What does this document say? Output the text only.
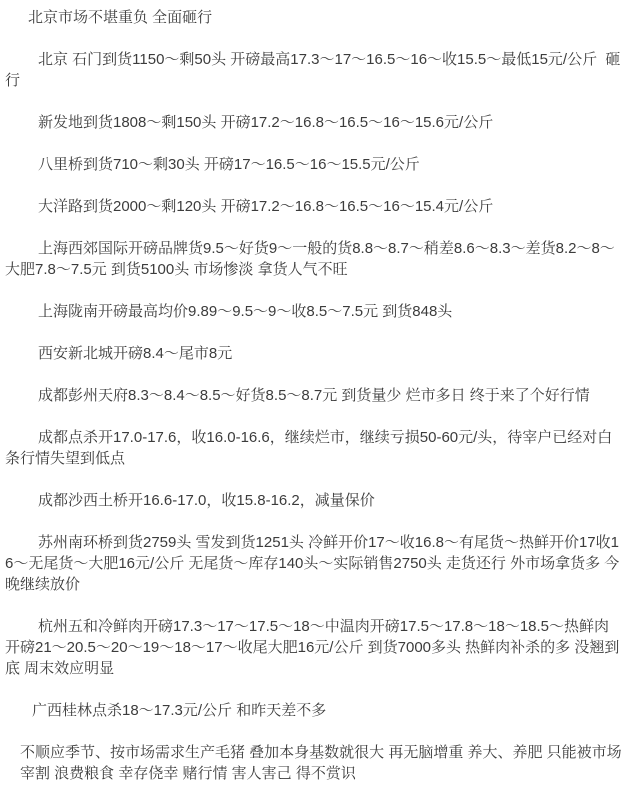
北京市场不堪重负 全面砸行

北京 石门到货1150～剩50头 开磅最高17.3～17～16.5～16～收15.5～最低15元/公斤  砸 行

新发地到货1808～剩150头 开磅17.2～16.8～16.5～16～15.6元/公斤

八里桥到货710～剩30头 开磅17～16.5～16～15.5元/公斤

大洋路到货2000～剩120头 开磅17.2～16.8～16.5～16～15.4元/公斤

上海西郊国际开磅品牌货9.5～好货9～一般的货8.8～8.7～稍差8.6～8.3～差货8.2～8～大肥7.8～7.5元 到货5100头 市场惨淡 拿货人气不旺

上海陇南开磅最高均价9.89～9.5～9～收8.5～7.5元 到货848头

西安新北城开磅8.4～尾市8元

成都彭州天府8.3～8.4～8.5～好货8.5～8.7元 到货量少 烂市多日 终于来了个好行情

成都点杀开17.0-17.6，收16.0-16.6，继续烂市，继续亏损50-60元/头，待宰户已经对白条行情失望到低点

成都沙西土桥开16.6-17.0，收15.8-16.2，减量保价

苏州南环桥到货2759头 雪发到货1251头 冷鲜开价17～收16.8～有尾货～热鲜开价17收16～无尾货～大肥16元/公斤 无尾货～库存140头～实际销售2750头 走货还行 外市场拿货多 今晚继续放价

杭州五和冷鲜肉开磅17.3～17～17.5～18～中温肉开磅17.5～17.8～18～18.5～热鲜肉开磅21～20.5～20～19～18～17～收尾大肥16元/公斤 到货7000多头 热鲜肉补杀的多 没翘到底 周末效应明显

广西桂林点杀18～17.3元/公斤 和昨天差不多

不顺应季节、按市场需求生产毛猪 叠加本身基数就很大 再无脑增重 养大、养肥 只能被市场宰割 浪费粮食 幸存侥幸 赌行情 害人害己 得不赏识
